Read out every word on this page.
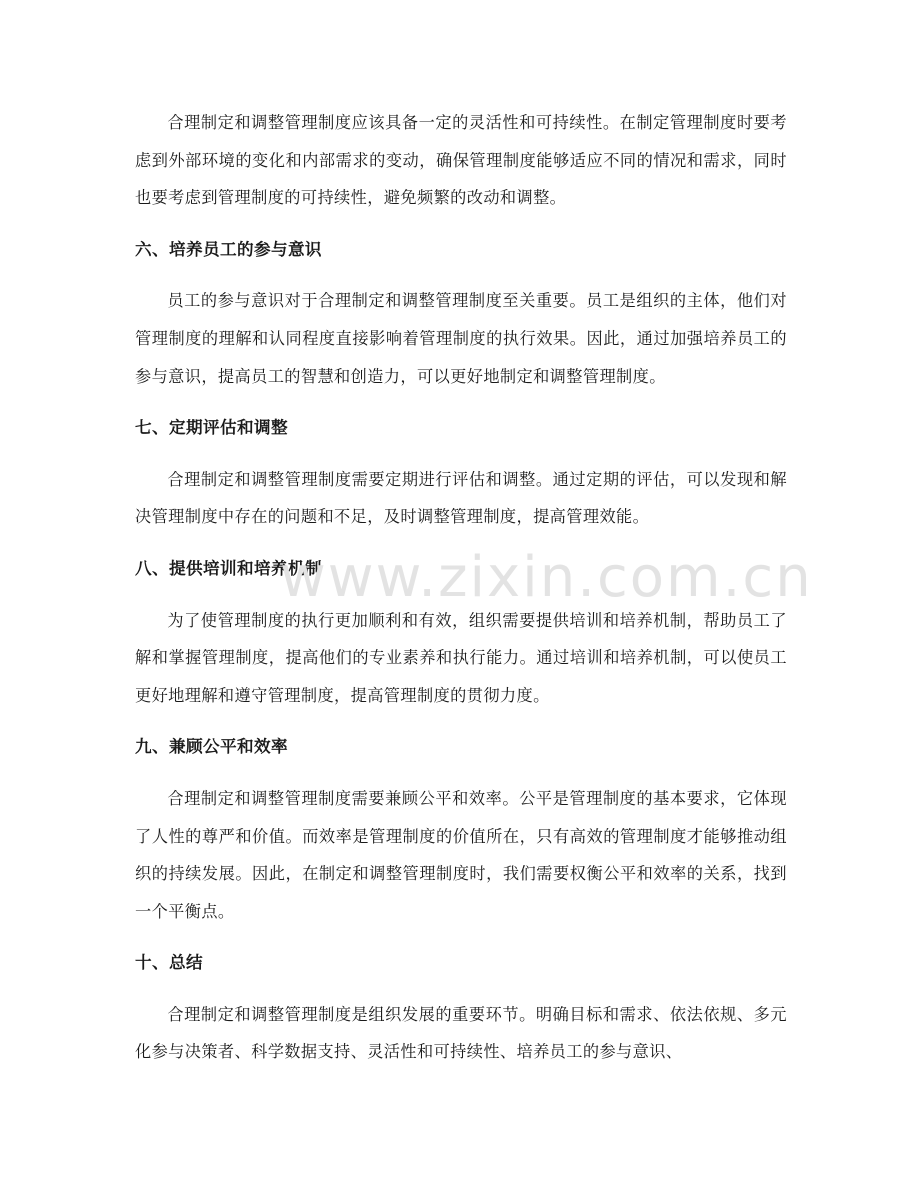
合理制定和调整管理制度应该具备一定的灵活性和可持续性。在制定管理制度时要考虑到外部环境的变化和内部需求的变动，确保管理制度能够适应不同的情况和需求，同时也要考虑到管理制度的可持续性，避免频繁的改动和调整。

六、培养员工的参与意识

员工的参与意识对于合理制定和调整管理制度至关重要。员工是组织的主体，他们对管理制度的理解和认同程度直接影响着管理制度的执行效果。因此，通过加强培养员工的参与意识，提高员工的智慧和创造力，可以更好地制定和调整管理制度。

七、定期评估和调整

合理制定和调整管理制度需要定期进行评估和调整。通过定期的评估，可以发现和解决管理制度中存在的问题和不足，及时调整管理制度，提高管理效能。

八、提供培训和培养机制

为了使管理制度的执行更加顺利和有效，组织需要提供培训和培养机制，帮助员工了解和掌握管理制度，提高他们的专业素养和执行能力。通过培训和培养机制，可以使员工更好地理解和遵守管理制度，提高管理制度的贯彻力度。

九、兼顾公平和效率

合理制定和调整管理制度需要兼顾公平和效率。公平是管理制度的基本要求，它体现了人性的尊严和价值。而效率是管理制度的价值所在，只有高效的管理制度才能够推动组织的持续发展。因此，在制定和调整管理制度时，我们需要权衡公平和效率的关系，找到一个平衡点。

十、总结

合理制定和调整管理制度是组织发展的重要环节。明确目标和需求、依法依规、多元化参与决策者、科学数据支持、灵活性和可持续性、培养员工的参与意识、

www.zixin.com.cn
